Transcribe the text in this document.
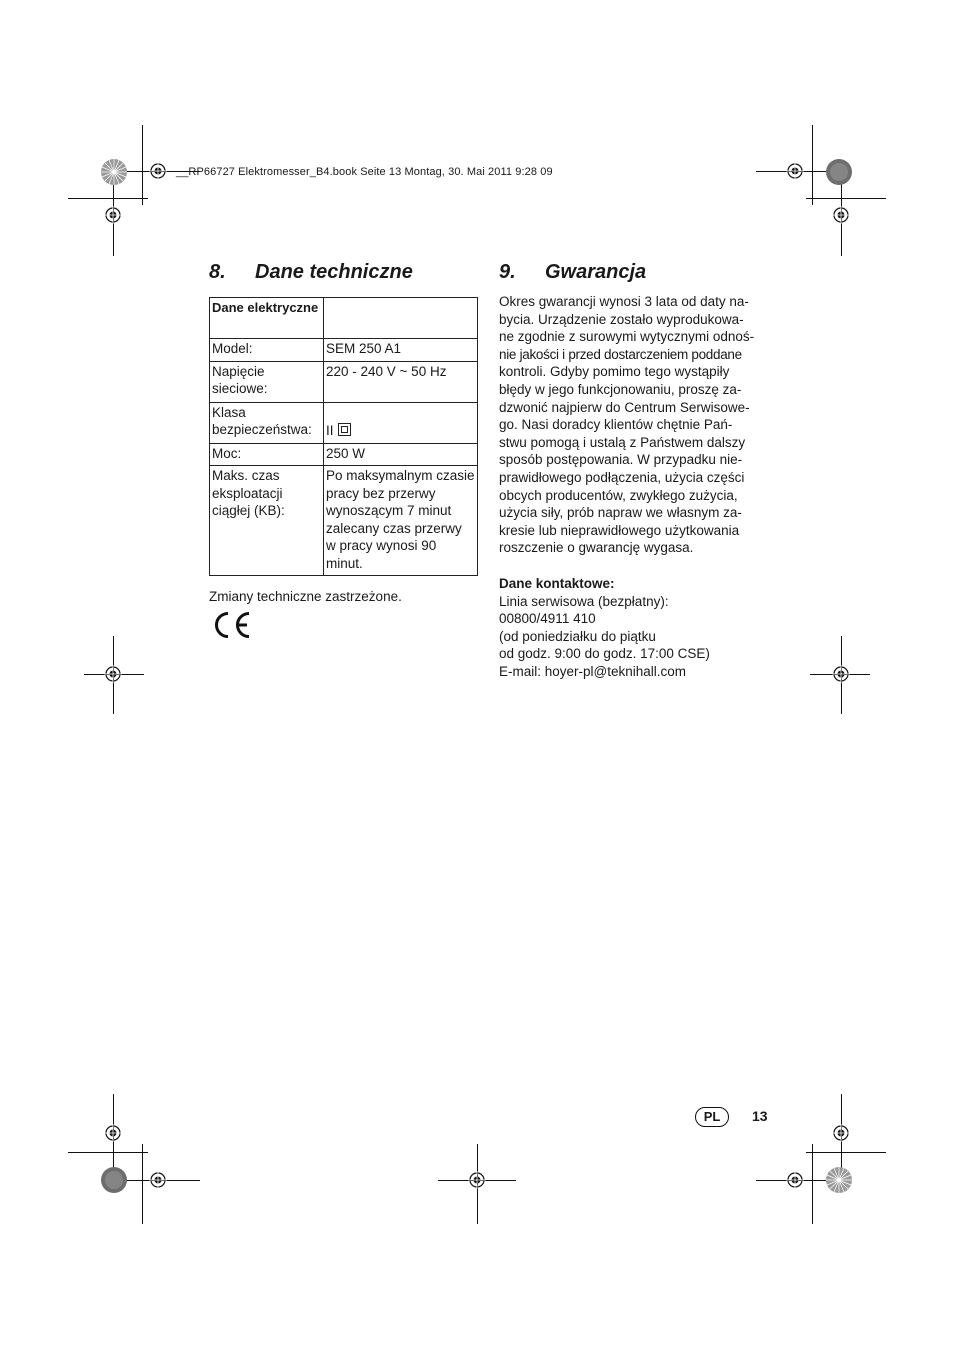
__RP66727 Elektromesser_B4.book Seite 13 Montag, 30. Mai 2011 9:28 09
8. Dane techniczne
Dane elektryczne	
Model:	SEM 250 A1
Napięcie sieciowe:	220 - 240 V ~ 50 Hz
Klasa bezpieczeństwa:	II
Moc:	250 W
Maks. czas eksploatacji ciągłej (KB):	Po maksymalnym czasie pracy bez przerwy wynoszącym 7 minut zalecany czas przerwy w pracy wynosi 90 minut.
Zmiany techniczne zastrzeżone.
9. Gwarancja
Okres gwarancji wynosi 3 lata od daty na-
bycia. Urządzenie zostało wyprodukowa-
ne zgodnie z surowymi wytycznymi odnoś-
nie jakości i przed dostarczeniem poddane
kontroli. Gdyby pomimo tego wystąpiły
błędy w jego funkcjonowaniu, proszę za-
dzwonić najpierw do Centrum Serwisowe-
go. Nasi doradcy klientów chętnie Pań-
stwu pomogą i ustalą z Państwem dalszy
sposób postępowania. W przypadku nie-
prawidłowego podłączenia, użycia części
obcych producentów, zwykłego zużycia,
użycia siły, prób napraw we własnym za-
kresie lub nieprawidłowego użytkowania
roszczenie o gwarancję wygasa.
Dane kontaktowe:
Linia serwisowa (bezpłatny):
00800/4911 410
(od poniedziałku do piątku
od godz. 9:00 do godz. 17:00 CSE)
E-mail: hoyer-pl@teknihall.com
PL	13
